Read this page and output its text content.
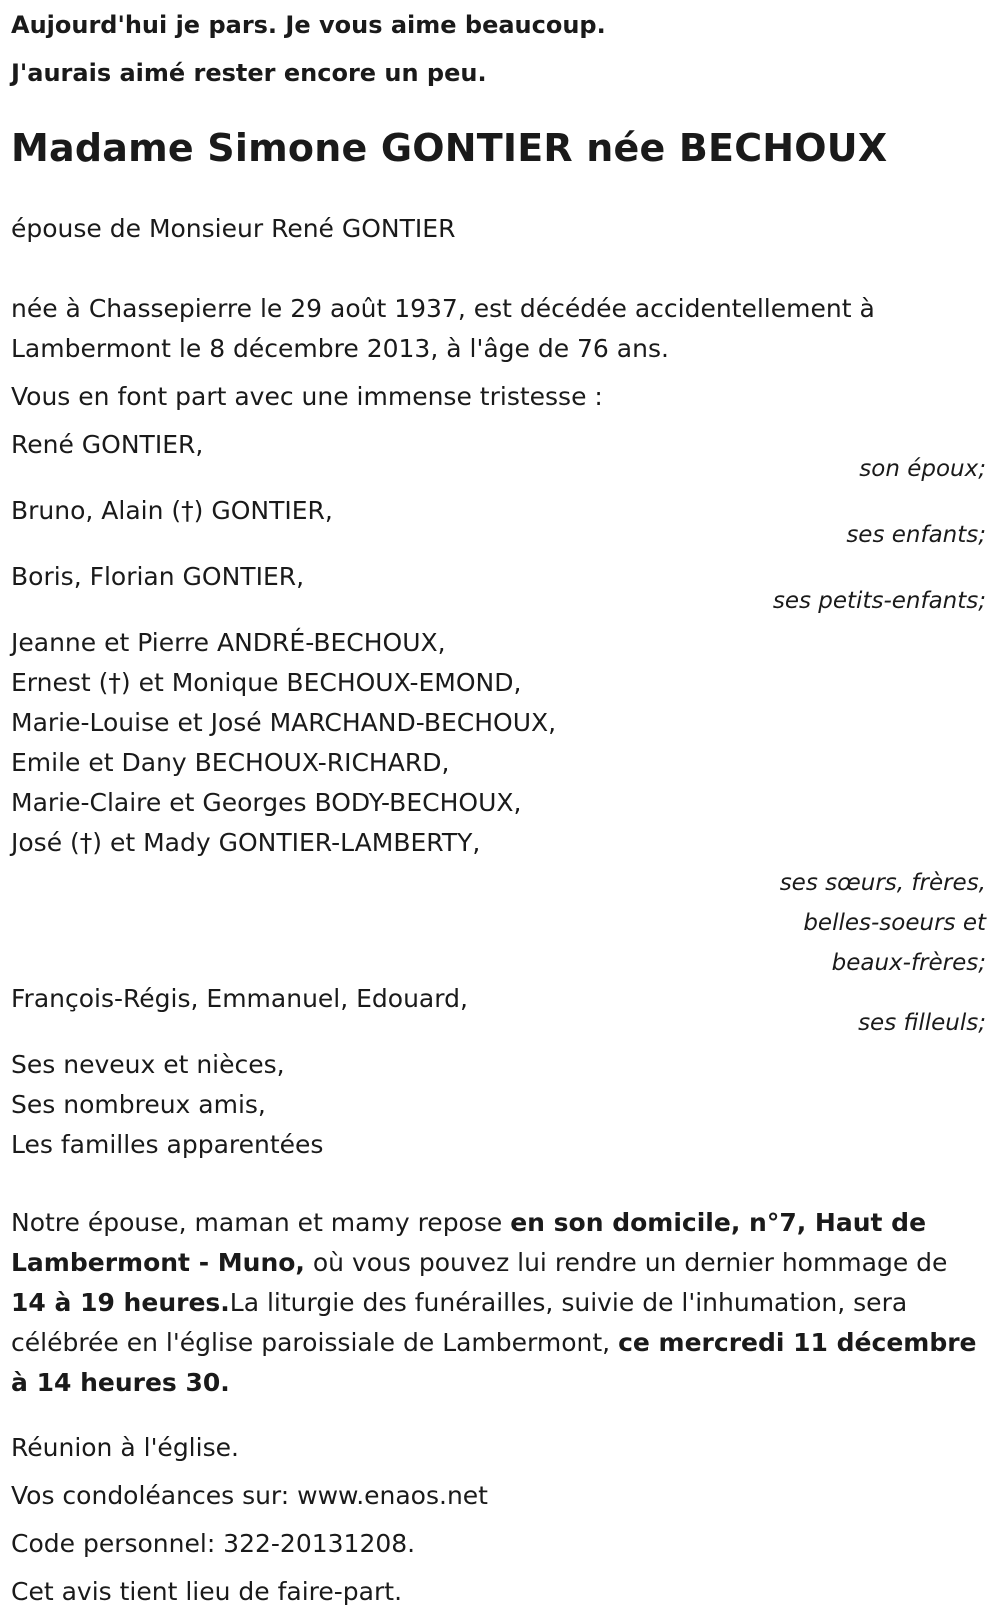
Aujourd'hui je pars. Je vous aime beaucoup.

J'aurais aimé rester encore un peu.

Madame Simone GONTIER née BECHOUX

épouse de Monsieur René GONTIER

née à Chassepierre le 29 août 1937, est décédée accidentellement à Lambermont le 8 décembre 2013, à l'âge de 76 ans.

Vous en font part avec une immense tristesse :

René GONTIER,

son époux;

Bruno, Alain (†) GONTIER,

ses enfants;

Boris, Florian GONTIER,

ses petits-enfants;

Jeanne et Pierre ANDRÉ-BECHOUX,

Ernest (†) et Monique BECHOUX-EMOND,

Marie-Louise et José MARCHAND-BECHOUX,

Emile et Dany BECHOUX-RICHARD,

Marie-Claire et Georges BODY-BECHOUX,

José (†) et Mady GONTIER-LAMBERTY,

ses sœurs, frères,
belles-soeurs et
beaux-frères;

François-Régis, Emmanuel, Edouard,

ses filleuls;

Ses neveux et nièces,

Ses nombreux amis,

Les familles apparentées

Notre épouse, maman et mamy repose en son domicile, n°7, Haut de Lambermont - Muno, où vous pouvez lui rendre un dernier hommage de 14 à 19 heures.La liturgie des funérailles, suivie de l'inhumation, sera célébrée en l'église paroissiale de Lambermont, ce mercredi 11 décembre à 14 heures 30.

Réunion à l'église.

Vos condoléances sur: www.enaos.net

Code personnel: 322-20131208.

Cet avis tient lieu de faire-part.
